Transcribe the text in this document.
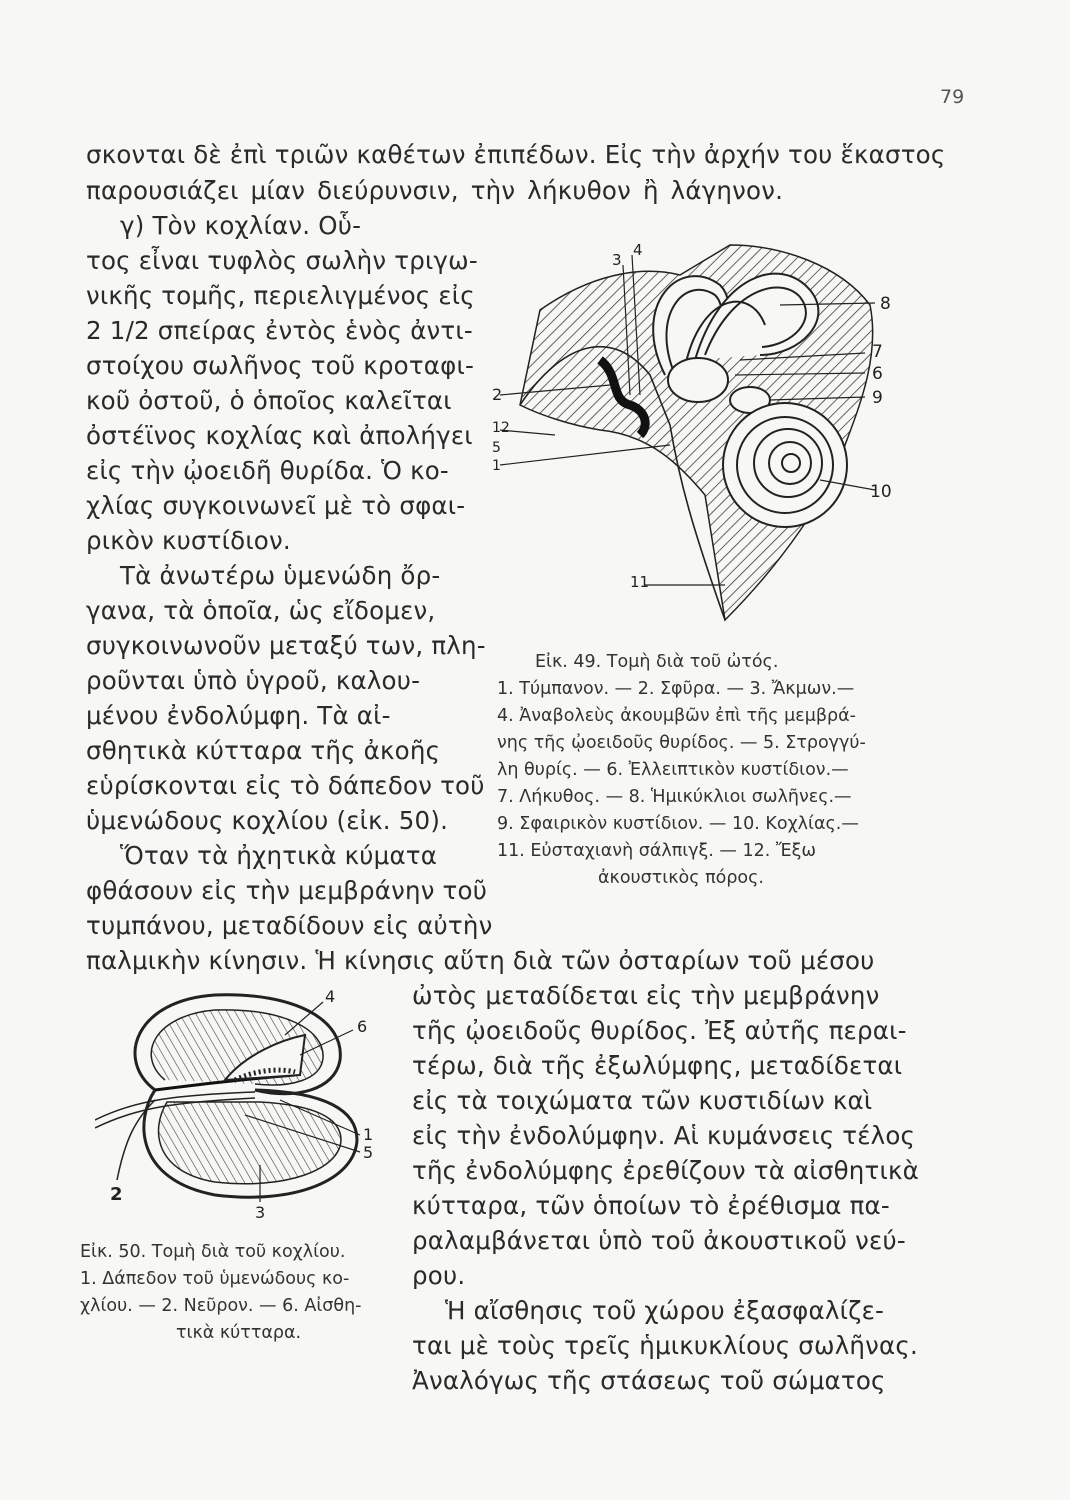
79
σκονται δὲ ἐπὶ τριῶν καθέτων ἐπιπέδων. Εἰς τὴν ἀρχήν του ἕκαστος
παρουσιάζει μίαν διεύρυνσιν, τὴν λήκυθον ἢ λάγηνον.
γ) Τὸν κοχλίαν. Οὗ-
τος εἶναι τυφλὸς σωλὴν τριγω-
νικῆς τομῆς, περιελιγμένος εἰς
2 1/2 σπείρας ἐντὸς ἑνὸς ἀντι-
στοίχου σωλῆνος τοῦ κροταφι-
κοῦ ὀστοῦ, ὁ ὁποῖος καλεῖται
ὀστέϊνος κοχλίας καὶ ἀπολήγει
εἰς τὴν ᾠοειδῆ θυρίδα. Ὁ κο-
χλίας συγκοινωνεῖ μὲ τὸ σφαι-
ρικὸν κυστίδιον.
Τὰ ἀνωτέρω ὑμενώδη ὄρ-
γανα, τὰ ὁποῖα, ὡς εἴδομεν,
συγκοινωνοῦν μεταξύ των, πλη-
ροῦνται ὑπὸ ὑγροῦ, καλου-
μένου ἐνδολύμφη. Τὰ αἰ-
σθητικὰ κύτταρα τῆς ἀκοῆς
εὑρίσκονται εἰς τὸ δάπεδον τοῦ
ὑμενώδους κοχλίου (εἰκ. 50).
Ὅταν τὰ ἠχητικὰ κύματα
φθάσουν εἰς τὴν μεμβράνην τοῦ
τυμπάνου, μεταδίδουν εἰς αὐτὴν
παλμικὴν κίνησιν. Ἡ κίνησις αὕτη διὰ τῶν ὀσταρίων τοῦ μέσου
ὠτὸς μεταδίδεται εἰς τὴν μεμβράνην
τῆς ᾠοειδοῦς θυρίδος. Ἐξ αὐτῆς περαι-
τέρω, διὰ τῆς ἐξωλύμφης, μεταδίδεται
εἰς τὰ τοιχώματα τῶν κυστιδίων καὶ
εἰς τὴν ἐνδολύμφην. Αἱ κυμάνσεις τέλος
τῆς ἐνδολύμφης ἐρεθίζουν τὰ αἰσθητικὰ
κύτταρα, τῶν ὁποίων τὸ ἐρέθισμα πα-
ραλαμβάνεται ὑπὸ τοῦ ἀκουστικοῦ νεύ-
ρου.
Ἡ αἴσθησις τοῦ χώρου ἐξασφαλίζε-
ται μὲ τοὺς τρεῖς ἡμικυκλίους σωλῆνας.
Ἀναλόγως τῆς στάσεως τοῦ σώματος
3
4
8
7
6
9
2
12
5
1
10
11
Εἰκ. 49. Τομὴ διὰ τοῦ ὠτός.
1. Τύμπανον. — 2. Σφῦρα. — 3. Ἄκμων.—
4. Ἀναβολεὺς ἀκουμβῶν ἐπὶ τῆς μεμβρά-
νης τῆς ᾠοειδοῦς θυρίδος. — 5. Στρογγύ-
λη θυρίς. — 6. Ἐλλειπτικὸν κυστίδιον.—
7. Λήκυθος. — 8. Ἡμικύκλιοι σωλῆνες.—
9. Σφαιρικὸν κυστίδιον. — 10. Κοχλίας.—
11. Εὐσταχιανὴ σάλπιγξ. — 12. Ἔξω
ἀκουστικὸς πόρος.
4
6
1
5
2
3
Εἰκ. 50. Τομὴ διὰ τοῦ κοχλίου.
1. Δάπεδον τοῦ ὑμενώδους κο-
χλίου. — 2. Νεῦρον. — 6. Αἰσθη-
τικὰ κύτταρα.
